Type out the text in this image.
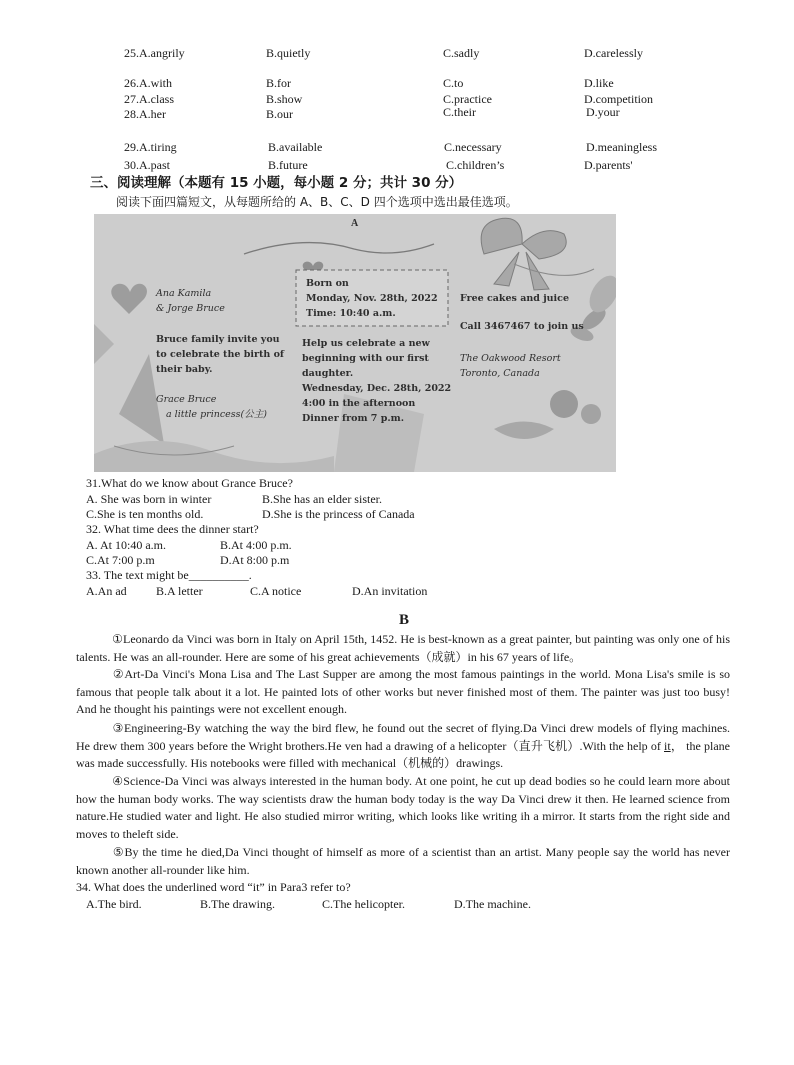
25.A.angrily	B.quietly	C.sadly	D.carelessly
26.A.with	B.for	C.to	D.like
27.A.class	B.show	C.practice	D.competition
28.A.her	B.our	C.their	D.your
29.A.tiring	B.available	C.necessary	D.meaningless
30.A.past	B.future	C.children’s	D.parents'
三、阅读理解（本题有 15 小题，每小题 2 分；共计 30 分）
阅读下面四篇短文，从每题所给的 A、B、C、D 四个选项中选出最佳选项。
A
Ana Kamila
& Jorge Bruce
Bruce family invite you
to celebrate the birth of
their baby.
Grace Bruce
a little princess(公主)
Born on
Monday, Nov. 28th, 2022
Time: 10:40 a.m.
Help us celebrate a new
beginning with our first
daughter.
Wednesday, Dec. 28th, 2022
4:00 in the afternoon
Dinner from 7 p.m.
Free cakes and juice
Call 3467467 to join us
The Oakwood Resort
Toronto, Canada
31.What do we know about Grance Bruce?
A. She was born in winter	B.She has an elder sister.
C.She is ten months old.	D.She is the princess of Canada
32. What time dees the dinner start?
A. At 10:40 a.m.	B.At 4:00 p.m.
C.At 7:00 p.m	D.At 8:00 p.m
33. The text might be__________.
A.An ad B.A letter	C.A notice	D.An invitation
B
①Leonardo da Vinci was born in Italy on April 15th, 1452. He is best-known as a great painter, but painting was only one of his talents. He was an all-rounder. Here are some of his great achievements（成就）in his 67 years of life。
②Art-Da Vinci's Mona Lisa and The Last Supper are among the most famous paintings in the world. Mona Lisa's smile is so famous that people talk about it a lot. He painted lots of other works but never finished most of them. The painter was just too busy! And he thought his paintings were not excellent enough.
③Engineering-By watching the way the bird flew, he found out the secret of flying.Da Vinci drew models of flying machines. He drew them 300 years before the Wright brothers.He ven had a drawing of a helicopter（直升飞机）.With the help of it， the plane was made successfully. His notebooks were filled with mechanical（机械的）drawings.
④Science-Da Vinci was always interested in the human body. At one point, he cut up dead bodies so he could learn more about how the human body works. The way scientists draw the human body today is the way Da Vinci drew it then. He learned science from nature.He studied water and light. He also studied mirror writing, which looks like writing ih a mirror. It starts from the right side and moves to theleft side.
⑤By the time he died,Da Vinci thought of himself as more of a scientist than an artist. Many people say the world has never known another all-rounder like him.
34. What does the underlined word “it” in Para3 refer to?
A.The bird.	B.The drawing.	C.The helicopter.	D.The machine.
